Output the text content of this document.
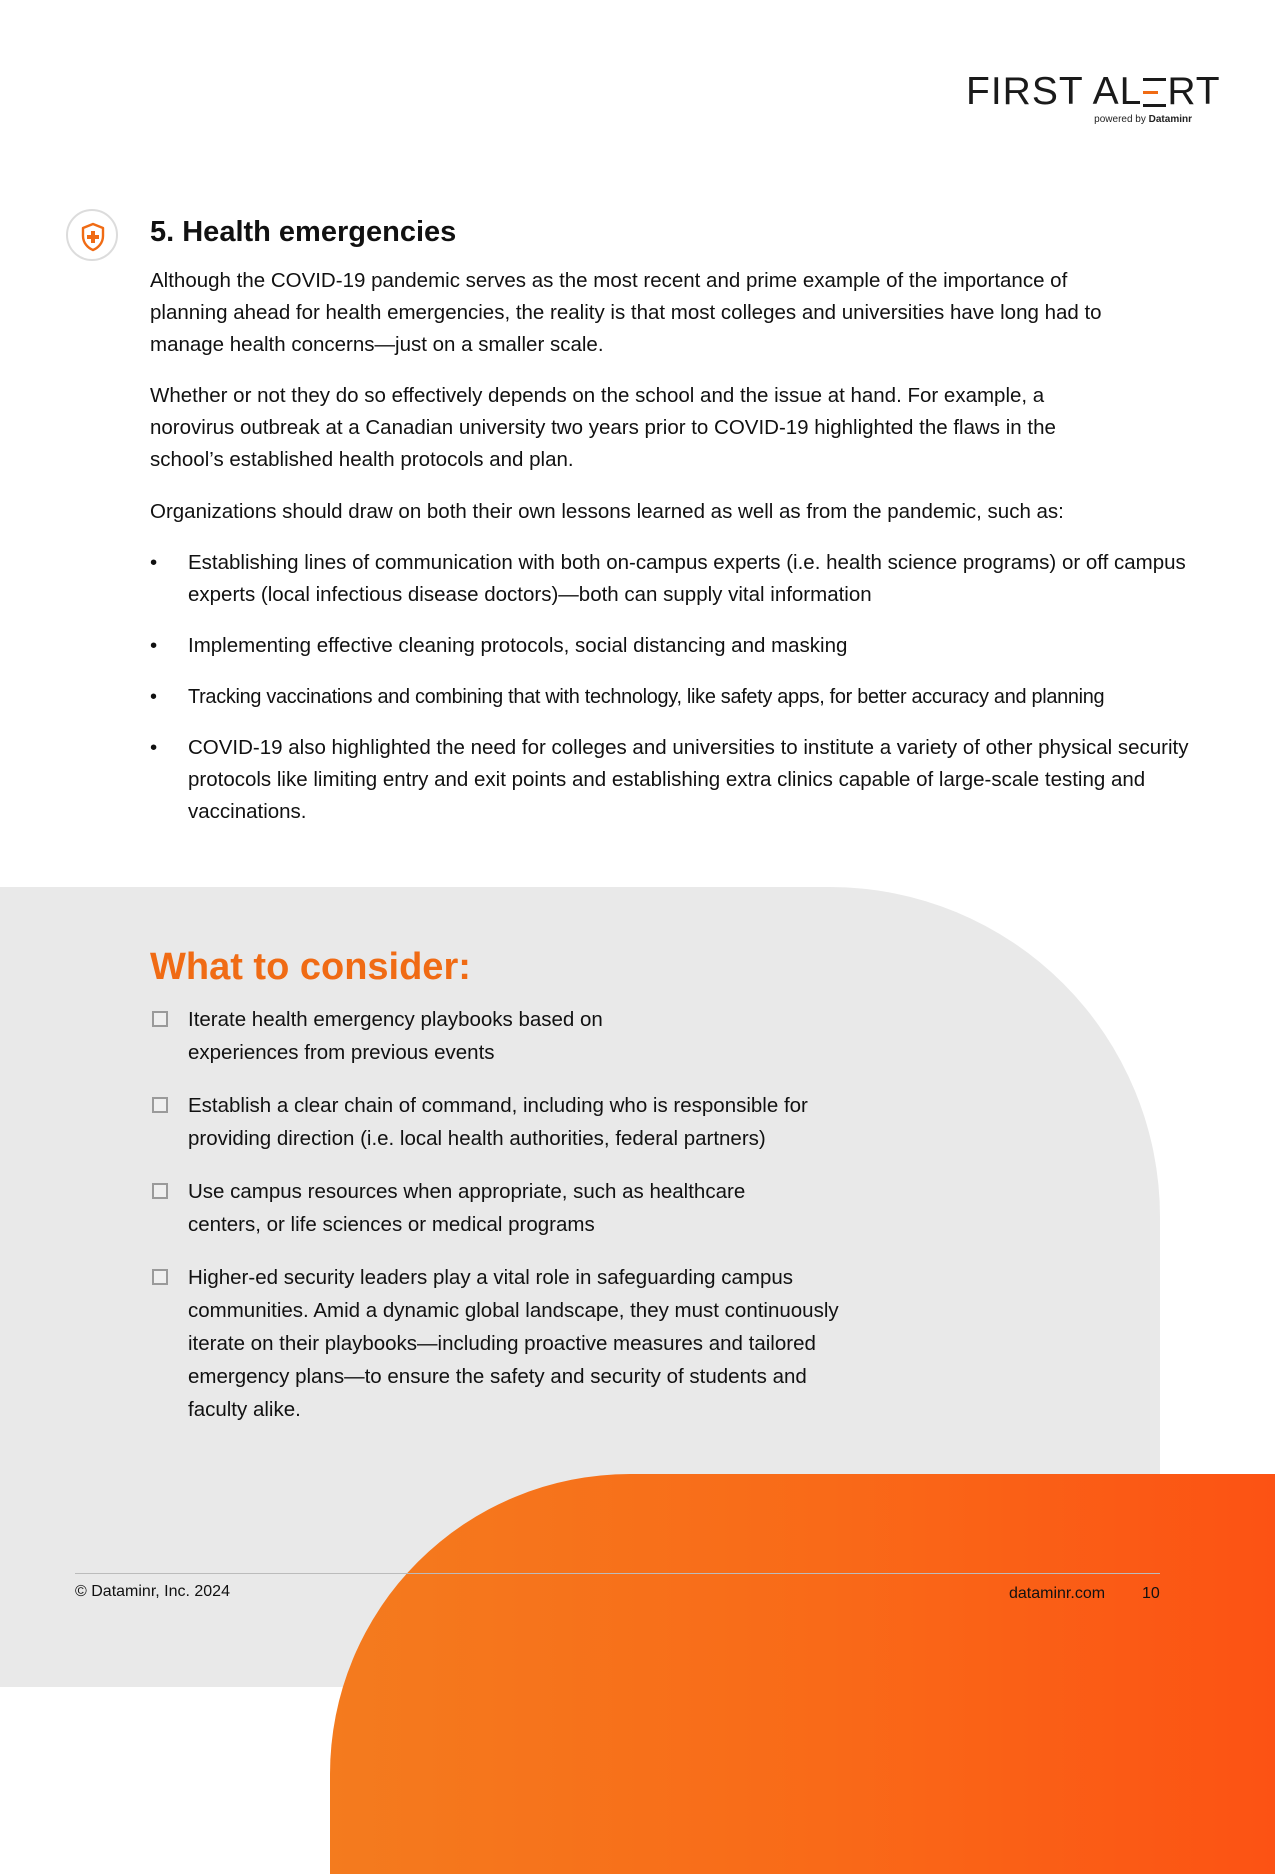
FIRST AL RT
powered by Dataminr
5. Health emergencies

Although the COVID-19 pandemic serves as the most recent and prime example of the importance of planning ahead for health emergencies, the reality is that most colleges and universities have long had to manage health concerns—just on a smaller scale.

Whether or not they do so effectively depends on the school and the issue at hand. For example, a norovirus outbreak at a Canadian university two years prior to COVID-19 highlighted the flaws in the school’s established health protocols and plan.

Organizations should draw on both their own lessons learned as well as from the pandemic, such as:

• Establishing lines of communication with both on-campus experts (i.e. health science programs) or off campus experts (local infectious disease doctors)—both can supply vital information
• Implementing effective cleaning protocols, social distancing and masking
• Tracking vaccinations and combining that with technology, like safety apps, for better accuracy and planning
• COVID-19 also highlighted the need for colleges and universities to institute a variety of other physical security protocols like limiting entry and exit points and establishing extra clinics capable of large-scale testing and vaccinations.
What to consider:
Iterate health emergency playbooks based on experiences from previous events
Establish a clear chain of command, including who is responsible for providing direction (i.e. local health authorities, federal partners)
Use campus resources when appropriate, such as healthcare centers, or life sciences or medical programs
Higher-ed security leaders play a vital role in safeguarding campus communities. Amid a dynamic global landscape, they must continuously iterate on their playbooks—including proactive measures and tailored emergency plans—to ensure the safety and security of students and faculty alike.
© Dataminr, Inc. 2024	dataminr.com 10
